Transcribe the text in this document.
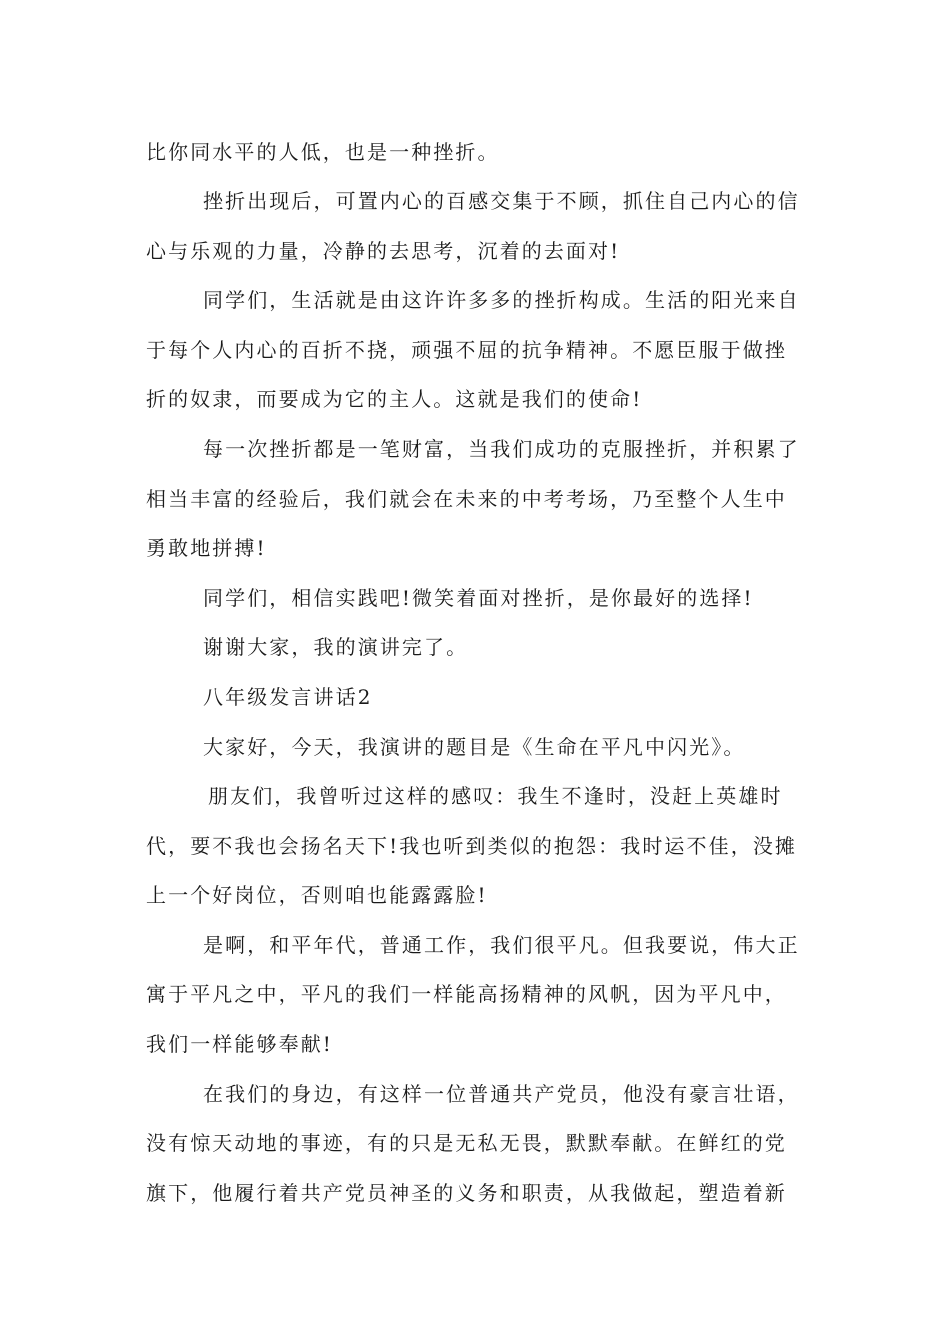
比你同水平的人低，也是一种挫折。
挫折出现后，可置内心的百感交集于不顾，抓住自己内心的信
心与乐观的力量，冷静的去思考，沉着的去面对!
同学们，生活就是由这许许多多的挫折构成。生活的阳光来自
于每个人内心的百折不挠，顽强不屈的抗争精神。不愿臣服于做挫
折的奴隶，而要成为它的主人。这就是我们的使命!
每一次挫折都是一笔财富，当我们成功的克服挫折，并积累了
相当丰富的经验后，我们就会在未来的中考考场，乃至整个人生中
勇敢地拼搏!
同学们，相信实践吧!微笑着面对挫折，是你最好的选择!
谢谢大家，我的演讲完了。
八年级发言讲话2
大家好，今天，我演讲的题目是《生命在平凡中闪光》。
朋友们，我曾听过这样的感叹：我生不逢时，没赶上英雄时
代，要不我也会扬名天下!我也听到类似的抱怨：我时运不佳，没摊
上一个好岗位，否则咱也能露露脸!
是啊，和平年代，普通工作，我们很平凡。但我要说，伟大正
寓于平凡之中，平凡的我们一样能高扬精神的风帆，因为平凡中，
我们一样能够奉献!
在我们的身边，有这样一位普通共产党员，他没有豪言壮语，
没有惊天动地的事迹，有的只是无私无畏，默默奉献。在鲜红的党
旗下，他履行着共产党员神圣的义务和职责，从我做起，塑造着新
